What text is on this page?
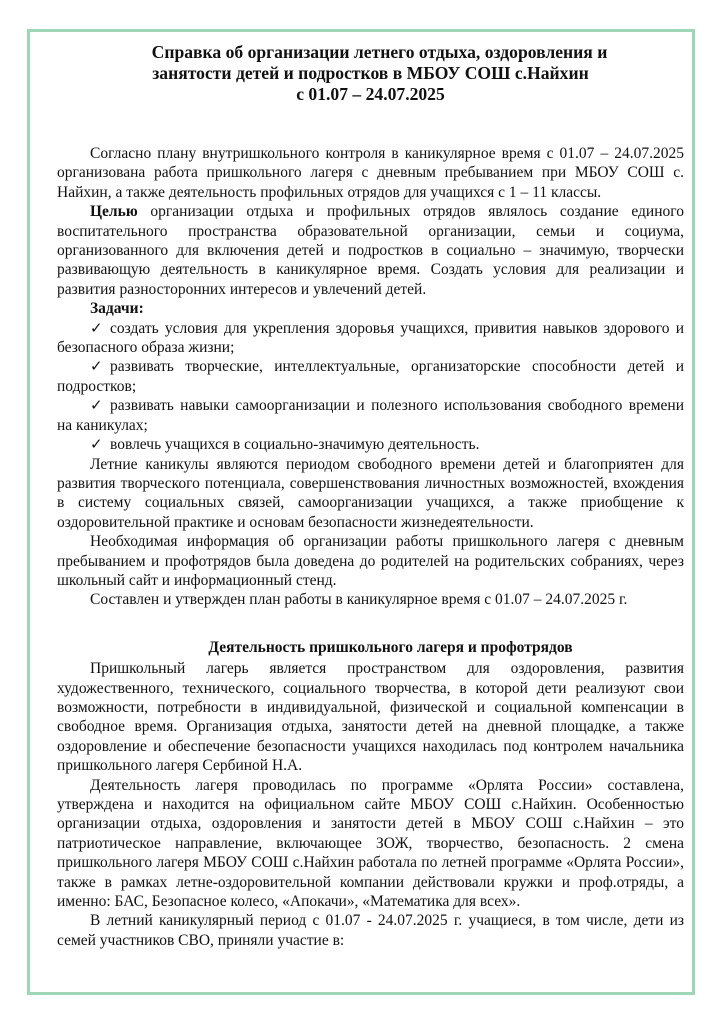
Справка об организации летнего отдыха, оздоровления и
занятости детей и подростков в МБОУ СОШ с.Найхин
с 01.07 – 24.07.2025

Согласно плану внутришкольного контроля в каникулярное время с 01.07 – 24.07.2025 организована работа пришкольного лагеря с дневным пребыванием при МБОУ СОШ с. Найхин, а также деятельность профильных отрядов для учащихся с 1 – 11 классы.

Целью организации отдыха и профильных отрядов являлось создание единого воспитательного пространства образовательной организации, семьи и социума, организованного для включения детей и подростков в социально – значимую, творчески развивающую деятельность в каникулярное время. Создать условия для реализации и развития разносторонних интересов и увлечений детей.

Задачи:

✓ создать условия для укрепления здоровья учащихся, привития навыков здорового и безопасного образа жизни;

✓ развивать творческие, интеллектуальные, организаторские способности детей и подростков;

✓ развивать навыки самоорганизации и полезного использования свободного времени на каникулах;

✓ вовлечь учащихся в социально-значимую деятельность.

Летние каникулы являются периодом свободного времени детей и благоприятен для развития творческого потенциала, совершенствования личностных возможностей, вхождения в систему социальных связей, самоорганизации учащихся, а также приобщение к оздоровительной практике и основам безопасности жизнедеятельности.

Необходимая информация об организации работы пришкольного лагеря с дневным пребыванием и профотрядов была доведена до родителей на родительских собраниях, через школьный сайт и информационный стенд.

Составлен и утвержден план работы в каникулярное время с 01.07 – 24.07.2025 г.

Деятельность пришкольного лагеря и профотрядов

Пришкольный лагерь является пространством для оздоровления, развития художественного, технического, социального творчества, в которой дети реализуют свои возможности, потребности в индивидуальной, физической и социальной компенсации в свободное время. Организация отдыха, занятости детей на дневной площадке, а также оздоровление и обеспечение безопасности учащихся находилась под контролем начальника пришкольного лагеря Сербиной Н.А.

Деятельность лагеря проводилась по программе «Орлята России» составлена, утверждена и находится на официальном сайте МБОУ СОШ с.Найхин. Особенностью организации отдыха, оздоровления и занятости детей в МБОУ СОШ с.Найхин – это патриотическое направление, включающее ЗОЖ, творчество, безопасность. 2 смена пришкольного лагеря МБОУ СОШ с.Найхин работала по летней программе «Орлята России», также в рамках летне-оздоровительной компании действовали кружки и проф.отряды, а именно: БАС, Безопасное колесо, «Апокачи», «Математика для всех».

В летний каникулярный период с 01.07 - 24.07.2025 г. учащиеся, в том числе, дети из семей участников СВО, приняли участие в:
